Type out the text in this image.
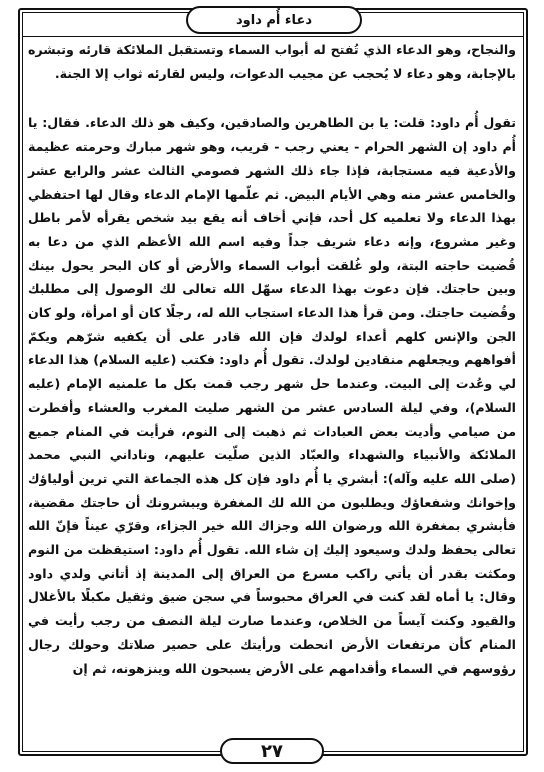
دعاء أُم داود

والنجاح، وهو الدعاء الذي تُفتح له أبواب السماء وتستقبل الملائكة قارئه وتبشره بالإجابة، وهو دعاء لا يُحجب عن مجيب الدعوات، وليس لقارئه ثواب إلا الجنة.

تقول أُم داود: قلت: يا بن الطاهرين والصادقين، وكيف هو ذلك الدعاء. فقال: يا أُم داود إن الشهر الحرام - يعني رجب - قريب، وهو شهر مبارك وحرمته عظيمة والأدعية فيه مستجابة، فإذا جاء ذلك الشهر فصومي الثالث عشر والرابع عشر والخامس عشر منه وهي الأيام البيض. ثم علّمها الإمام الدعاء وقال لها احتفظي بهذا الدعاء ولا تعلميه كل أحد، فإني أخاف أنه يقع بيد شخص يقرأه لأمر باطل وغير مشروع، وإنه دعاء شريف جداً وفيه اسم الله الأعظم الذي من دعا به قُضيت حاجته البتة، ولو غُلقت أبواب السماء والأرض أو كان البحر يحول بينك وبين حاجتك. فإن دعوت بهذا الدعاء سهّل الله تعالى لك الوصول إلى مطلبك وقُضيت حاجتك. ومن قرأ هذا الدعاء استجاب الله له، رجلًا كان أو امرأة، ولو كان الجن والإنس كلهم أعداء لولدك فإن الله قادر على أن يكفيه شرّهم ويكمّ أفواههم ويجعلهم منقادين لولدك. تقول أُم داود: فكتب (عليه السلام) هذا الدعاء لي وعُدت إلى البيت. وعندما حل شهر رجب قمت بكل ما علمنيه الإمام (عليه السلام)، وفي ليلة السادس عشر من الشهر صليت المغرب والعشاء وأفطرت من صيامي وأديت بعض العبادات ثم ذهبت إلى النوم، فرأيت في المنام جميع الملائكة والأنبياء والشهداء والعبّاد الذين صلّيت عليهم، وناداني النبي محمد (صلى الله عليه وآله): أبشري يا أُم داود فإن كل هذه الجماعة التي ترين أولياؤك وإخوانك وشفعاؤك ويطلبون من الله لك المغفرة ويبشرونك أن حاجتك مقضية، فأبشري بمغفرة الله ورضوان الله وجزاك الله خير الجزاء، وقرّي عيناً فإنّ الله تعالى يحفظ ولدك وسيعود إليك إن شاء الله. تقول أُم داود: استيقظت من النوم ومكثت بقدر أن يأتي راكب مسرع من العراق إلى المدينة إذ أتاني ولدي داود وقال: يا أماه لقد كنت في العراق محبوساً في سجن ضيق وثقيل مكبلًا بالأغلال والقيود وكنت آيساً من الخلاص، وعندما صارت ليلة النصف من رجب رأيت في المنام كأن مرتفعات الأرض انحطت ورأيتك على حصير صلاتك وحولك رجال رؤوسهم في السماء وأقدامهم على الأرض يسبحون الله وينزهونه، ثم إن

٢٧
